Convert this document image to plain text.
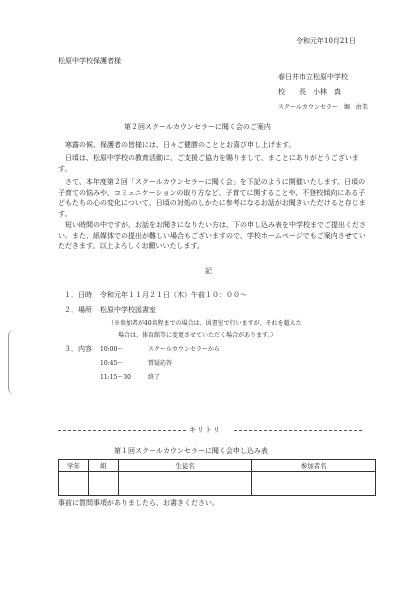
令和元年10月21日
松原中学校保護者様
春日井市立松原中学校
校　　長　小林　真
スクールカウンセラー　堀　由美
第２回スクールカウンセラーに聞く会のご案内
　寒露の候、保護者の皆様には、日々ご健勝のこととお喜び申し上げます。
　日頃は、松原中学校の教育活動に、ご支援ご協力を賜りまして、まことにありがとうございます。
　さて、本年度第２回「スクールカウンセラーに聞く会」を下記のように開催いたします。日頃の子育ての悩みや、コミュニケーションの取り方など、子育てに関することや、不登校傾向にある子どもたちの心の変化について、日頃の対処のしかたに参考になるお話がお聞きいただけると存じます。
　短い時間の中ですが、お話をお聞きになりたい方は、下の申し込み表を中学校までご提出ください。また、紙媒体での提出が難しい場合もございますので、学校ホームページでもご案内させていただきます。以上よろしくお願いいたします。
記
１．日時 令和元年１１月２１日（木）午前１０：００～
２．場所 松原中学校図書室
（※参加者が40名程までの場合は、図書室で行いますが、それを超えた
場合は、体育館等に変更させていただく場合があります。）
３．内容 10:00～	スクールカウンセラーから
10:45～	質疑応答
11:15～30	終了
キリトリ
第１回スクールカウンセラーに聞く会申し込み表
学年	組	生徒名	参加者名

事前に質問事項がありましたら、お書きください。
